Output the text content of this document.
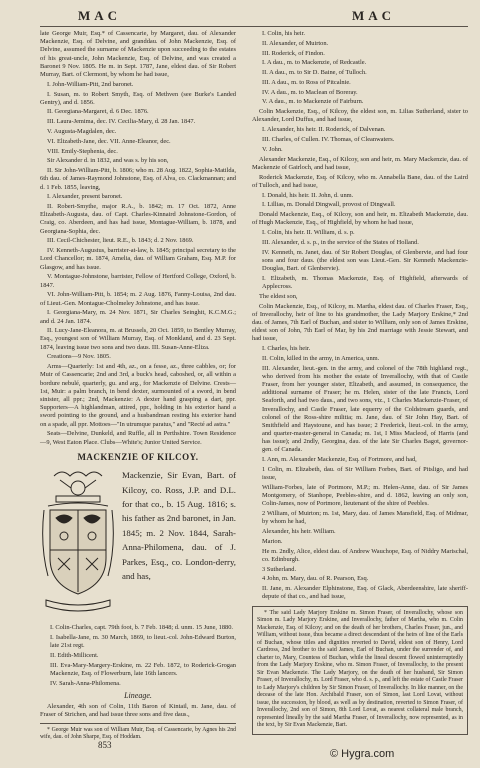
MAC	MAC

late George Muir, Esq.* of Cassencarie, by Margaret, dau. of Alexander Mackenzie, Esq. of Delvine, and granddau. of John Mackenzie, Esq. of Delvine, assumed the surname of Mackenzie upon succeeding to the estates of his great-uncle, John Mackenzie, Esq. of Delvine, and was created a Baronet 9 Nov. 1805. He m. in Sept. 1787, Jane, eldest dau. of Sir Robert Murray, Bart. of Clermont, by whom he had issue,

I. John-William-Pitt, 2nd baronet.

I. Susan, m. to Robert Smyth, Esq. of Methven (see Burke's Landed Gentry), and d. 1856.

II. Georgiana-Margaret, d. 6 Dec. 1876.

III. Laura-Jemima, dec. IV. Cecilia-Mary, d. 28 Jan. 1847.

V. Augusta-Magdalen, dec.

VI. Elizabeth-Jane, dec. VII. Anne-Eleanor, dec.

VIII. Emily-Stephenia, dec.

Sir Alexander d. in 1832, and was s. by his son,

II. Sir John-William-Pitt, b. 1806; who m. 28 Aug. 1822, Sophia-Matilda, 6th dau. of James-Raymond Johnstone, Esq. of Alva, co. Clackmannan; and d. 1 Feb. 1855, leaving,

I. Alexander, present baronet.

II. Robert-Smythe, major R.A., b. 1842; m. 17 Oct. 1872, Anne Elizabeth-Augusta, dau. of Capt. Charles-Kinnaird Johnstone-Gordon, of Craig, co. Aberdeen, and has had issue, Montague-William, b. 1878, and Georgiana-Sophia, dec.

III. Cecil-Chichester, lieut. R.E., b. 1843; d. 2 Nov. 1869.

IV. Kenneth-Augustus, barrister-at-law, b. 1845; principal secretary to the Lord Chancellor; m. 1874, Amelia, dau. of William Graham, Esq. M.P. for Glasgow, and has issue.

V. Montague-Johnstone, barrister, Fellow of Hertford College, Oxford, b. 1847.

VI. John-William-Pitt, b. 1854; m. 2 Aug. 1876, Fanny-Louisa, 2nd dau. of Lieut.-Gen. Montague-Cholmeley Johnstone, and has issue.

I. Georgiana-Mary, m. 24 Nov. 1871, Sir Charles Seinghit, K.C.M.G.; and d. 24 Jan. 1874.

II. Lucy-Jane-Eleanora, m. at Brussels, 20 Oct. 1859, to Bentley Murray, Esq., youngest son of William Murray, Esq. of Monkland, and d. 23 Sept. 1874, leaving issue two sons and two daus. III. Susan-Anne-Eliza.

Creations—9 Nov. 1805.

Arms—Quarterly: 1st and 4th, az., on a fesse, az., three cabbles, or; for Muir of Cassencarie; 2nd and 3rd, a buck's head, caboshed, or, all within a bordure nebulé, quarterly, gu. and arg., for Mackenzie of Delvine. Crests—1st, Muir: a palm branch, in bend dexter, surmounted of a sword, in bend sinister, all ppr.; 2nd, Mackenzie: A dexter hand grasping a dart, ppr. Supporters—A highlandman, attired, ppr., holding in his exterior hand a sword pointing to the ground, and a husbandman resting his exterior hand on a spade, all ppr. Mottoes—"In utrumque paratus," and "Recté ad astra."

Seats—Delvine, Dunkeld, and Ruffle, all in Perthshire. Town Residence—9, West Eaton Place. Clubs—White's; Junior United Service.

MACKENZIE OF KILCOY.
Mackenzie, Sir Evan, Bart. of Kilcoy, co. Ross, J.P. and D.L. for that co., b. 15 Aug. 1816; s. his father as 2nd baronet, in Jan. 1845; m. 2 Nov. 1844, Sarah-Anna-Philomena, dau. of J. Parkes, Esq., co. London-derry, and has,

I. Colin-Charles, capt. 79th foot, b. 7 Feb. 1848; d. unm. 15 June, 1880.

I. Isabella-Jane, m. 30 March, 1869, to lieut.-col. John-Edward Burton, late 21st regt.

II. Edith-Millicent.

III. Eva-Mary-Margery-Erskine, m. 22 Feb. 1872, to Roderick-Grogan Mackenzie, Esq. of Flowerburn, late 16th lancers.

IV. Sarah-Anna-Philomena.

Lineage.

Alexander, 4th son of Colin, 11th Baron of Kintail, m. Jane, dau. of Fraser of Strichen, and had issue three sons and five daus.,

* George Muir was son of William Muir, Esq. of Cassencarie, by Agnes his 2nd wife, dau. of John Sharpe, Esq. of Hoddam.

I. Colin, his heir.

II. Alexander, of Muirton.

III. Roderick, of Findon.

I. A dau., m. to Mackenzie, of Redcastle.

II. A dau., m. to Sir D. Baine, of Tulloch.

III. A dau., m. to Ross of Pitcalnie.

IV. A dau., m. to Maclean of Boreray.

V. A dau., m. to Mackenzie of Fairburn.

Colin Mackenzie, Esq., of Kilcoy, the eldest son, m. Lilias Sutherland, sister to Alexander, Lord Duffus, and had issue,

I. Alexander, his heir. II. Roderick, of Dalvenan.

III. Charles, of Cullen. IV. Thomas, of Cleanwaters.

V. John.

Alexander Mackenzie, Esq., of Kilcoy, son and heir, m. Mary Mackenzie, dau. of Mackenzie of Gairloch, and had issue,

Roderick Mackenzie, Esq. of Kilcoy, who m. Annabella Bane, dau. of the Laird of Tulloch, and had issue,

I. Donald, his heir. II. John, d. unm.

I. Lillias, m. Donald Dingwall, provost of Dingwall.

Donald Mackenzie, Esq., of Kilcoy, son and heir, m. Elizabeth Mackenzie, dau. of Hugh Mackenzie, Esq., of Highfield, by whom he had issue,

I. Colin, his heir. II. William, d. s. p.

III. Alexander, d. s. p., in the service of the States of Holland.

IV. Kenneth, m. Janet, dau. of Sir Robert Douglas, of Glenbervie, and had four sons and four daus. (the eldest son was Lieut.-Gen. Sir Kenneth Mackenzie-Douglas, Bart. of Glenbervie).

I. Elizabeth, m. Thomas Mackenzie, Esq. of Highfield, afterwards of Applecross.

The eldest son,

Colin Mackenzie, Esq., of Kilcoy, m. Martha, eldest dau. of Charles Fraser, Esq., of Inverallochy, heir of line to his grandmother, the Lady Marjory Erskine,* 2nd dau. of James, 7th Earl of Buchan, and sister to William, only son of James Erskine, eldest son of John, 7th Earl of Mar, by his 2nd marriage with Jessie Stewart, and had issue,

I. Charles, his heir.

II. Colin, killed in the army, in America, unm.

III. Alexander, lieut.-gen. in the army, and colonel of the 78th highland regt., who derived from his mother the estate of Inverallochy, with that of Castle Fraser, from her younger sister, Elizabeth, and assumed, in consequence, the additional surname of Fraser; he m. Helen, sister of the late Francis, Lord Seaforth, and had two daus., and two sons, viz., 1 Charles Mackenzie-Fraser, of Inverallochy, and Castle Fraser, late equerry of the Coldstream guards, and colonel of the Ross-shire militia; m. Jane, dau. of Sir John Hay, Bart. of Smithfield and Haystoune, and has issue; 2 Frederick, lieut.-col. in the army, and quarter-master-general in Canada; m. 1st, I Miss Macleod, of Harris (and has issue); and 2ndly, Georgina, dau. of the late Sir Charles Bagot, governor-gen. of Canada.

I. Ann, m. Alexander Mackenzie, Esq. of Fortmore, and had,

1 Colin, m. Elizabeth, dau. of Sir William Forbes, Bart. of Pitsligo, and had issue,

William-Forbes, late of Portmore, M.P.; m. Helen-Anne, dau. of Sir James Montgomery, of Stanhope, Peebles-shire, and d. 1862, leaving an only son, Colin-James, now of Portmore, lieutenant of the shire of Peebles.

2 William, of Muirton; m. 1st, Mary, dau. of James Mansfield, Esq. of Midmar, by whom he had,

Alexander, his heir. William.

Marion.

He m. 2ndly, Alice, eldest dau. of Andrew Wauchope, Esq. of Niddry Marischal, co. Edinburgh.

3 Sutherland.

4 John, m. Mary, dau. of R. Pearson, Esq.

II. Jane, m. Alexander Elphinstone, Esq. of Glack, Aberdeenshire, late sheriff-depute of that co., and had issue,

* The said Lady Marjory Erskine m. Simon Fraser, of Inverallochy, whose son Simon m. Lady Marjory Erskine, and Inverallochy, father of Martha, who m. Colin Mackenzie, Esq. of Kilcoy; and on the death of her brothers, Charles Fraser, jun., and William, without issue, thus became a direct descendant of the heirs of line of the Earls of Buchan, whose titles and dignities reverted to David, eldest son of Henry, Lord Cardross, 2nd brother to the said James, Earl of Buchan, under the surrender of, and charter to, Mary, Countess of Buchan, while the lineal descent flowed uninterruptedly from the Lady Marjory Erskine, who m. Simon Fraser, of Inverallochy, to the present Sir Evan Mackenzie. The Lady Marjory, on the death of her husband, Sir Simon Fraser, of Inverallochy, m. Lord Fraser, who d. s. p., and left the estate of Castle Fraser to Lady Marjory's children by Sir Simon Fraser, of Inverallochy. In like manner, on the decease of the late Hon. Archibald Fraser, son of Simon, last Lord Lovat, without issue, the succession, by blood, as well as by destination, reverted to Simon Fraser, of Inverallochy, 2nd son of Simon, 8th Lord Lovat, as nearest collateral male branch, represented lineally by the said Martha Fraser, of Inverallochy, now represented, as in the text, by Sir Evan Mackenzie, Bart.

853
© Hygra.com
